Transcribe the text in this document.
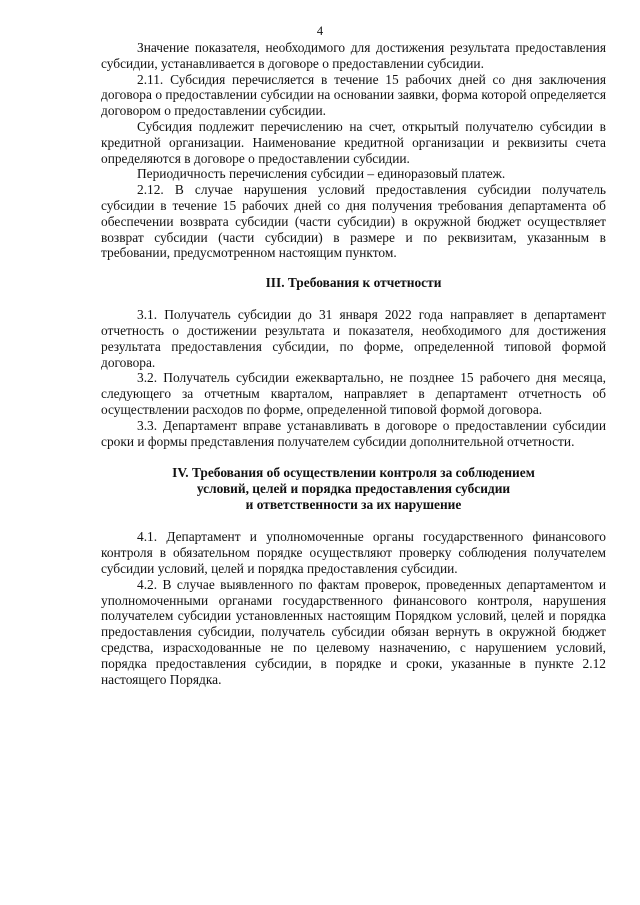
4

Значение показателя, необходимого для достижения результата предоставления субсидии, устанавливается в договоре о предоставлении субсидии.

2.11. Субсидия перечисляется в течение 15 рабочих дней со дня заключения договора о предоставлении субсидии на основании заявки, форма которой определяется договором о предоставлении субсидии.

Субсидия подлежит перечислению на счет, открытый получателю субсидии в кредитной организации. Наименование кредитной организации и реквизиты счета определяются в договоре о предоставлении субсидии.

Периодичность перечисления субсидии – единоразовый платеж.

2.12. В случае нарушения условий предоставления субсидии получатель субсидии в течение 15 рабочих дней со дня получения требования департамента об обеспечении возврата субсидии (части субсидии) в окружной бюджет осуществляет возврат субсидии (части субсидии) в размере и по реквизитам, указанным в требовании, предусмотренном настоящим пунктом.

III. Требования к отчетности

3.1. Получатель субсидии до 31 января 2022 года направляет в департамент отчетность о достижении результата и показателя, необходимого для достижения результата предоставления субсидии, по форме, определенной типовой формой договора.

3.2. Получатель субсидии ежеквартально, не позднее 15 рабочего дня месяца, следующего за отчетным кварталом, направляет в департамент отчетность об осуществлении расходов по форме, определенной типовой формой договора.

3.3. Департамент вправе устанавливать в договоре о предоставлении субсидии сроки и формы представления получателем субсидии дополнительной отчетности.

IV. Требования об осуществлении контроля за соблюдением
условий, целей и порядка предоставления субсидии
и ответственности за их нарушение

4.1. Департамент и уполномоченные органы государственного финансового контроля в обязательном порядке осуществляют проверку соблюдения получателем субсидии условий, целей и порядка предоставления субсидии.

4.2. В случае выявленного по фактам проверок, проведенных департаментом и уполномоченными органами государственного финансового контроля, нарушения получателем субсидии установленных настоящим Порядком условий, целей и порядка предоставления субсидии, получатель субсидии обязан вернуть в окружной бюджет средства, израсходованные не по целевому назначению, с нарушением условий, порядка предоставления субсидии, в порядке и сроки, указанные в пункте 2.12 настоящего Порядка.
